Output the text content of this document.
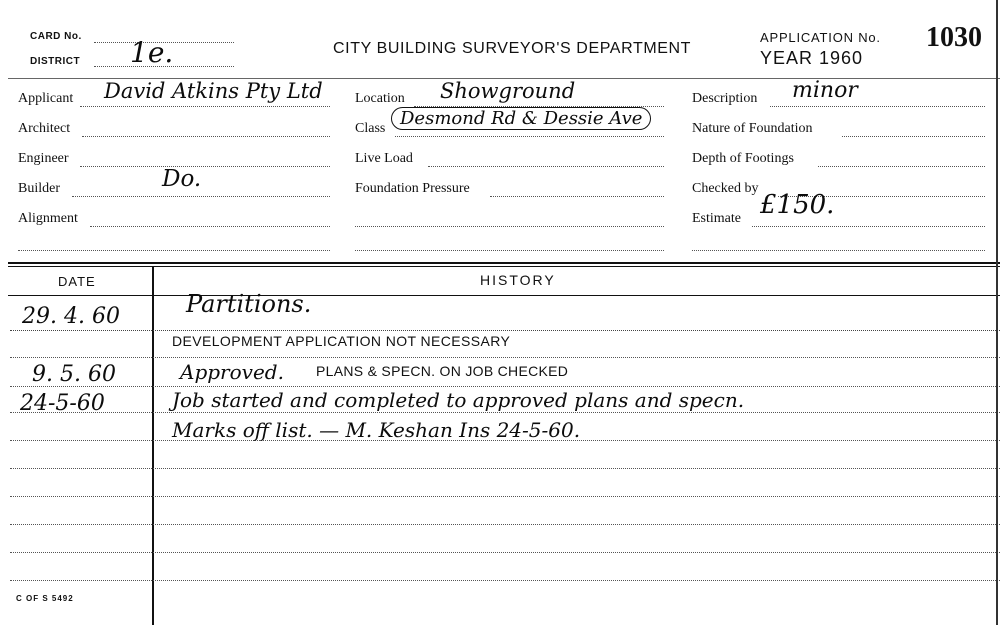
CARD No.
DISTRICT 1e.	CITY BUILDING SURVEYOR'S DEPARTMENT
APPLICATION No. 1030
YEAR 1960
Applicant David Atkins Pty Ltd
Architect
Engineer
Builder	Do.
Alignment
Location Showground
Class Desmond Rd & Dessie Ave
Live Load
Foundation Pressure
Description minor
Nature of Foundation
Depth of Footings
Checked by
Estimate £150.
DATE	HISTORY
29. 4. 60	Partitions.
DEVELOPMENT APPLICATION NOT NECESSARY
9. 5. 60	Approved. PLANS & SPECN. ON JOB CHECKED
24-5-60	Job started and completed to approved plans and specn.
Marks off list. — M. Keshan Ins 24-5-60.
C OF S 5492
